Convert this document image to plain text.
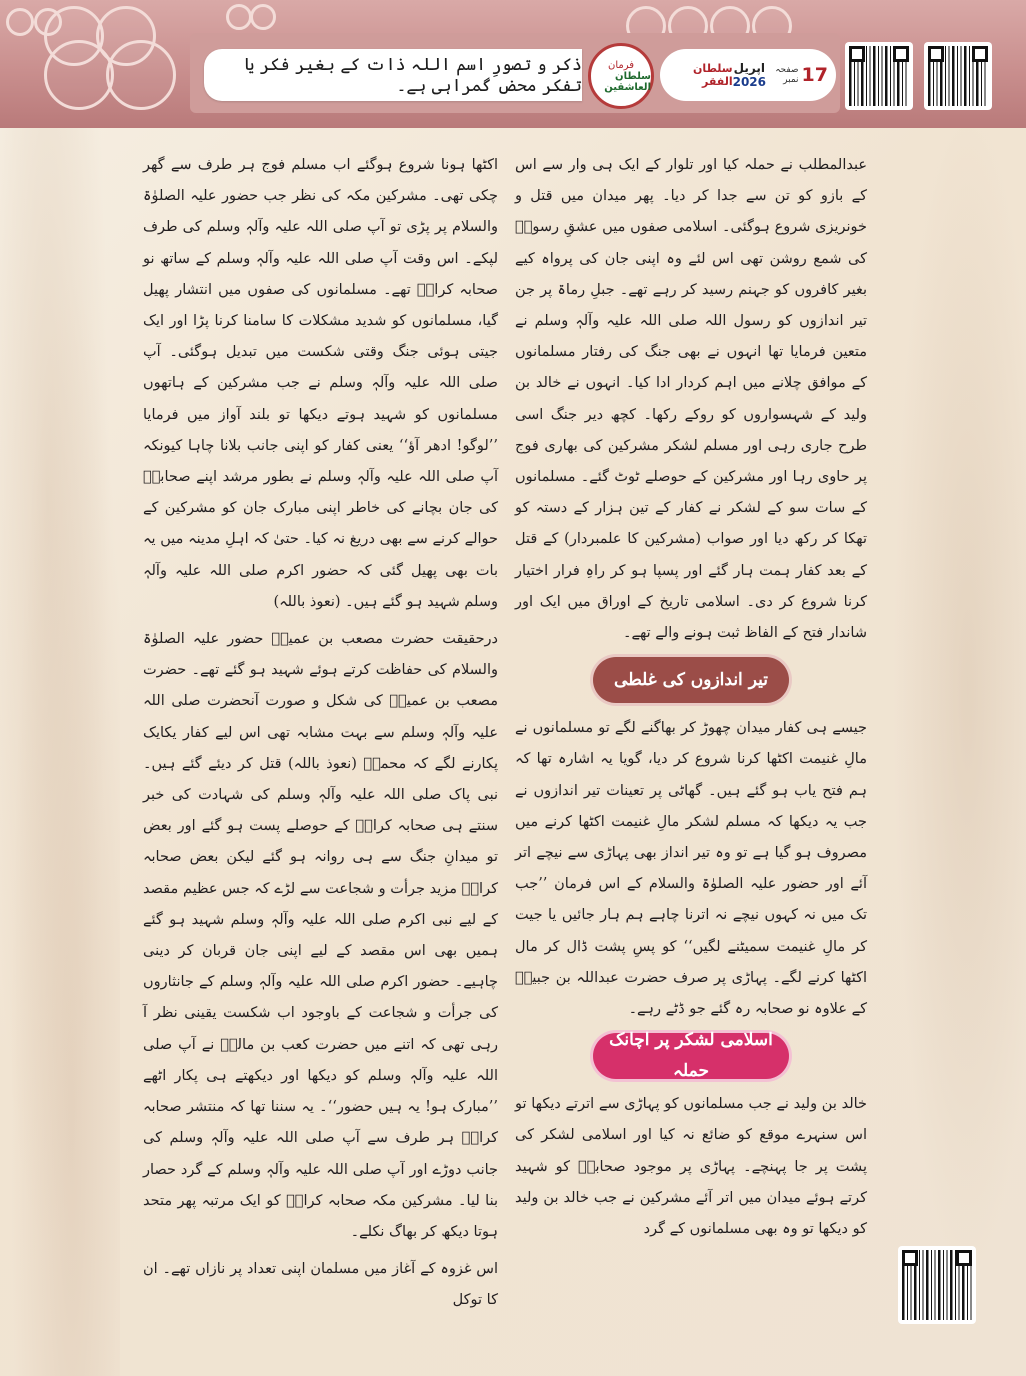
ذکر و تصورِ اسم اللہ ذات کے بغیر فکر یا تفکر محض گمراہی ہے۔
فرمان
سلطان العاشقین
17
صفحہ نمبر
اپریل
2026
سلطان الفقر

عبدالمطلب نے حملہ کیا اور تلوار کے ایک ہی وار سے اس کے بازو کو تن سے جدا کر دیا۔ پھر میدان میں قتل و خونریزی شروع ہوگئی۔ اسلامی صفوں میں عشقِ رسولؐ کی شمع روشن تھی اس لئے وہ اپنی جان کی پرواہ کیے بغیر کافروں کو جہنم رسید کر رہے تھے۔ جبلِ رماۃ پر جن تیر اندازوں کو رسول اللہ صلی اللہ علیہ وآلہٖ وسلم نے متعین فرمایا تھا انہوں نے بھی جنگ کی رفتار مسلمانوں کے موافق چلانے میں اہم کردار ادا کیا۔ انہوں نے خالد بن ولید کے شہسواروں کو روکے رکھا۔ کچھ دیر جنگ اسی طرح جاری رہی اور مسلم لشکر مشرکین کی بھاری فوج پر حاوی رہا اور مشرکین کے حوصلے ٹوٹ گئے۔ مسلمانوں کے سات سو کے لشکر نے کفار کے تین ہزار کے دستہ کو تھکا کر رکھ دیا اور صواب (مشرکین کا علمبردار) کے قتل کے بعد کفار ہمت ہار گئے اور پسپا ہو کر راہِ فرار اختیار کرنا شروع کر دی۔ اسلامی تاریخ کے اوراق میں ایک اور شاندار فتح کے الفاظ ثبت ہونے والے تھے۔

تیر اندازوں کی غلطی

جیسے ہی کفار میدان چھوڑ کر بھاگنے لگے تو مسلمانوں نے مالِ غنیمت اکٹھا کرنا شروع کر دیا، گویا یہ اشارہ تھا کہ ہم فتح یاب ہو گئے ہیں۔ گھاٹی پر تعینات تیر اندازوں نے جب یہ دیکھا کہ مسلم لشکر مالِ غنیمت اکٹھا کرنے میں مصروف ہو گیا ہے تو وہ تیر انداز بھی پہاڑی سے نیچے اتر آئے اور حضور علیہ الصلوٰۃ والسلام کے اس فرمان ’’جب تک میں نہ کہوں نیچے نہ اترنا چاہے ہم ہار جائیں یا جیت کر مالِ غنیمت سمیٹنے لگیں‘‘ کو پسِ پشت ڈال کر مال اکٹھا کرنے لگے۔ پہاڑی پر صرف حضرت عبداللہ بن جبیرؓ کے علاوہ نو صحابہ رہ گئے جو ڈٹے رہے۔

اسلامی لشکر پر اچانک حملہ

خالد بن ولید نے جب مسلمانوں کو پہاڑی سے اترتے دیکھا تو اس سنہرے موقع کو ضائع نہ کیا اور اسلامی لشکر کی پشت پر جا پہنچے۔ پہاڑی پر موجود صحابہؓ کو شہید کرتے ہوئے میدان میں اتر آئے مشرکین نے جب خالد بن ولید کو دیکھا تو وہ بھی مسلمانوں کے گرد

اکٹھا ہونا شروع ہوگئے اب مسلم فوج ہر طرف سے گھر چکی تھی۔ مشرکین مکہ کی نظر جب حضور علیہ الصلوٰۃ والسلام پر پڑی تو آپ صلی اللہ علیہ وآلہٖ وسلم کی طرف لپکے۔ اس وقت آپ صلی اللہ علیہ وآلہٖ وسلم کے ساتھ نو صحابہ کرامؓ تھے۔ مسلمانوں کی صفوں میں انتشار پھیل گیا، مسلمانوں کو شدید مشکلات کا سامنا کرنا پڑا اور ایک جیتی ہوئی جنگ وقتی شکست میں تبدیل ہوگئی۔ آپ صلی اللہ علیہ وآلہٖ وسلم نے جب مشرکین کے ہاتھوں مسلمانوں کو شہید ہوتے دیکھا تو بلند آواز میں فرمایا ’’لوگو! ادھر آؤ‘‘ یعنی کفار کو اپنی جانب بلانا چاہا کیونکہ آپ صلی اللہ علیہ وآلہٖ وسلم نے بطور مرشد اپنے صحابہؓ کی جان بچانے کی خاطر اپنی مبارک جان کو مشرکین کے حوالے کرنے سے بھی دریغ نہ کیا۔ حتیٰ کہ اہلِ مدینہ میں یہ بات بھی پھیل گئی کہ حضور اکرم صلی اللہ علیہ وآلہٖ وسلم شہید ہو گئے ہیں۔ (نعوذ باللہ)

درحقیقت حضرت مصعب بن عمیرؓ حضور علیہ الصلوٰۃ والسلام کی حفاظت کرتے ہوئے شہید ہو گئے تھے۔ حضرت مصعب بن عمیرؓ کی شکل و صورت آنحضرت صلی اللہ علیہ وآلہٖ وسلم سے بہت مشابہ تھی اس لیے کفار یکایک پکارنے لگے کہ محمدؐ (نعوذ باللہ) قتل کر دیئے گئے ہیں۔ نبی پاک صلی اللہ علیہ وآلہٖ وسلم کی شہادت کی خبر سنتے ہی صحابہ کرامؓ کے حوصلے پست ہو گئے اور بعض تو میدانِ جنگ سے ہی روانہ ہو گئے لیکن بعض صحابہ کرامؓ مزید جرأت و شجاعت سے لڑے کہ جس عظیم مقصد کے لیے نبی اکرم صلی اللہ علیہ وآلہٖ وسلم شہید ہو گئے ہمیں بھی اس مقصد کے لیے اپنی جان قربان کر دینی چاہیے۔ حضور اکرم صلی اللہ علیہ وآلہٖ وسلم کے جانثاروں کی جرأت و شجاعت کے باوجود اب شکست یقینی نظر آ رہی تھی کہ اتنے میں حضرت کعب بن مالکؓ نے آپ صلی اللہ علیہ وآلہٖ وسلم کو دیکھا اور دیکھتے ہی پکار اٹھے ’’مبارک ہو! یہ ہیں حضور‘‘۔ یہ سننا تھا کہ منتشر صحابہ کرامؓ ہر طرف سے آپ صلی اللہ علیہ وآلہٖ وسلم کی جانب دوڑے اور آپ صلی اللہ علیہ وآلہٖ وسلم کے گرد حصار بنا لیا۔ مشرکین مکہ صحابہ کرامؓ کو ایک مرتبہ پھر متحد ہوتا دیکھ کر بھاگ نکلے۔

اس غزوہ کے آغاز میں مسلمان اپنی تعداد پر نازاں تھے۔ ان کا توکل
